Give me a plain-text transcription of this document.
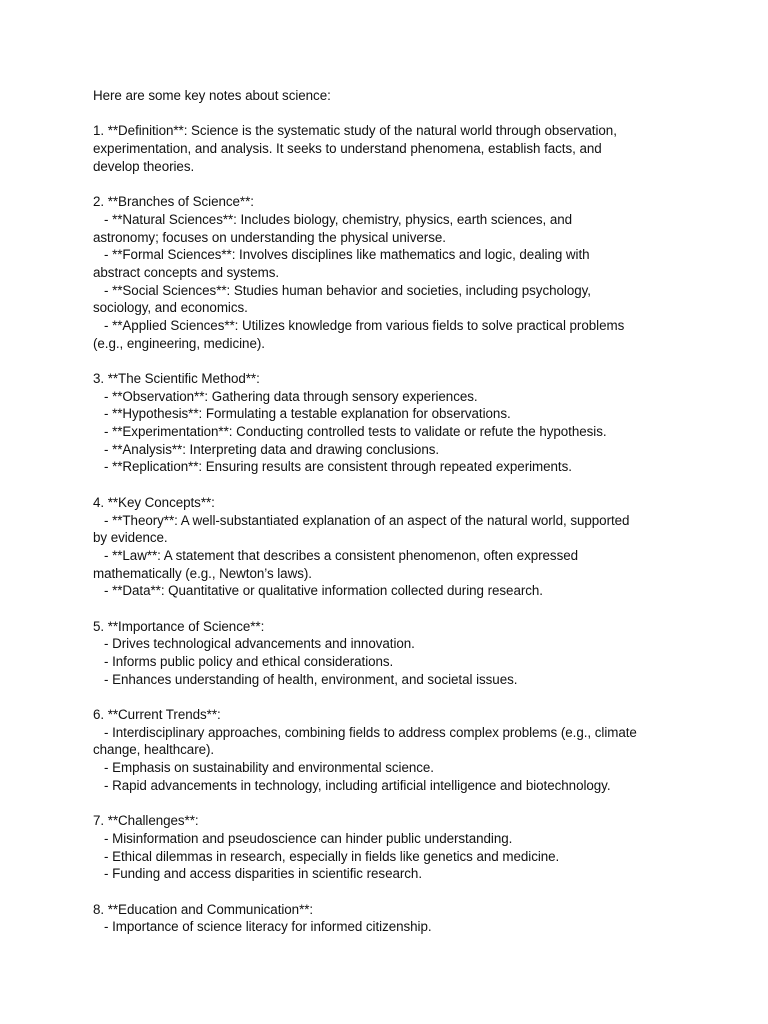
Here are some key notes about science:
1. **Definition**: Science is the systematic study of the natural world through observation,
experimentation, and analysis. It seeks to understand phenomena, establish facts, and
develop theories.
2. **Branches of Science**:
- **Natural Sciences**: Includes biology, chemistry, physics, earth sciences, and
astronomy; focuses on understanding the physical universe.
- **Formal Sciences**: Involves disciplines like mathematics and logic, dealing with
abstract concepts and systems.
- **Social Sciences**: Studies human behavior and societies, including psychology,
sociology, and economics.
- **Applied Sciences**: Utilizes knowledge from various fields to solve practical problems
(e.g., engineering, medicine).
3. **The Scientific Method**:
- **Observation**: Gathering data through sensory experiences.
- **Hypothesis**: Formulating a testable explanation for observations.
- **Experimentation**: Conducting controlled tests to validate or refute the hypothesis.
- **Analysis**: Interpreting data and drawing conclusions.
- **Replication**: Ensuring results are consistent through repeated experiments.
4. **Key Concepts**:
- **Theory**: A well-substantiated explanation of an aspect of the natural world, supported
by evidence.
- **Law**: A statement that describes a consistent phenomenon, often expressed
mathematically (e.g., Newton’s laws).
- **Data**: Quantitative or qualitative information collected during research.
5. **Importance of Science**:
- Drives technological advancements and innovation.
- Informs public policy and ethical considerations.
- Enhances understanding of health, environment, and societal issues.
6. **Current Trends**:
- Interdisciplinary approaches, combining fields to address complex problems (e.g., climate
change, healthcare).
- Emphasis on sustainability and environmental science.
- Rapid advancements in technology, including artificial intelligence and biotechnology.
7. **Challenges**:
- Misinformation and pseudoscience can hinder public understanding.
- Ethical dilemmas in research, especially in fields like genetics and medicine.
- Funding and access disparities in scientific research.
8. **Education and Communication**:
- Importance of science literacy for informed citizenship.
